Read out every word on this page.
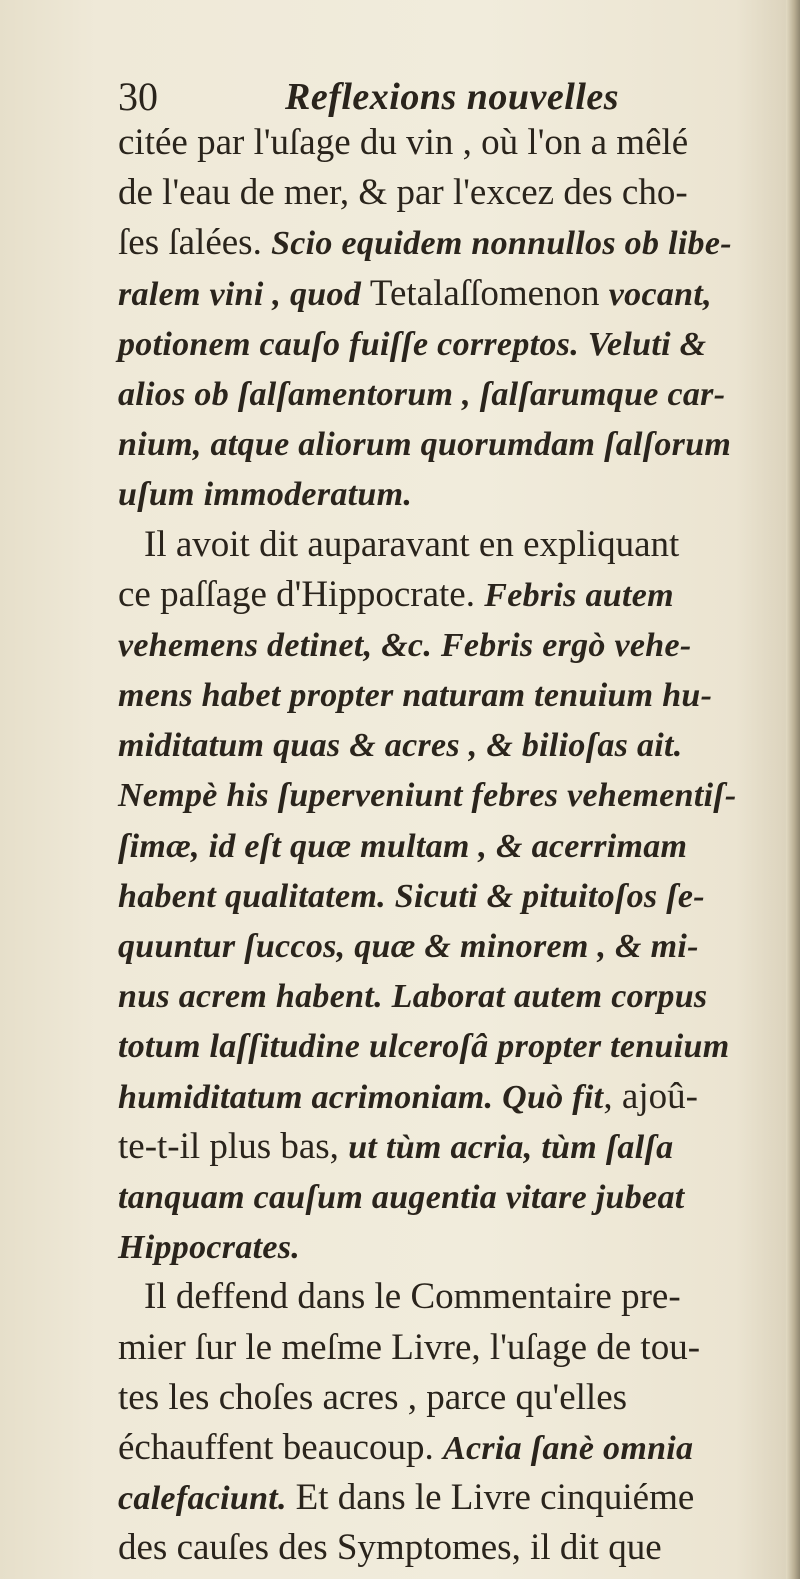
30	Reflexions nouvelles
citée par l'uſage du vin , où l'on a mêlé
de l'eau de mer, & par l'excez des cho-
ſes ſalées. Scio equidem nonnullos ob libe-
ralem vini , quod Tetalaſſomenon vocant,
potionem cauſo fuiſſe correptos. Veluti &
alios ob ſalſamentorum , ſalſarumque car-
nium, atque aliorum quorumdam ſalſorum
uſum immoderatum.
Il avoit dit auparavant en expliquant
ce paſſage d'Hippocrate. Febris autem
vehemens detinet, &c. Febris ergò vehe-
mens habet propter naturam tenuium hu-
miditatum quas & acres , & bilioſas ait.
Nempè his ſuperveniunt febres vehementiſ-
ſimæ, id eſt quæ multam , & acerrimam
habent qualitatem. Sicuti & pituitoſos ſe-
quuntur ſuccos, quæ & minorem , & mi-
nus acrem habent. Laborat autem corpus
totum laſſitudine ulceroſâ propter tenuium
humiditatum acrimoniam. Quò fit, ajoû-
te-t-il plus bas, ut tùm acria, tùm ſalſa
tanquam cauſum augentia vitare jubeat
Hippocrates.
Il deffend dans le Commentaire pre-
mier ſur le meſme Livre, l'uſage de tou-
tes les choſes acres , parce qu'elles
échauffent beaucoup. Acria ſanè omnia
calefaciunt. Et dans le Livre cinquiéme
des cauſes des Symptomes, il dit que
